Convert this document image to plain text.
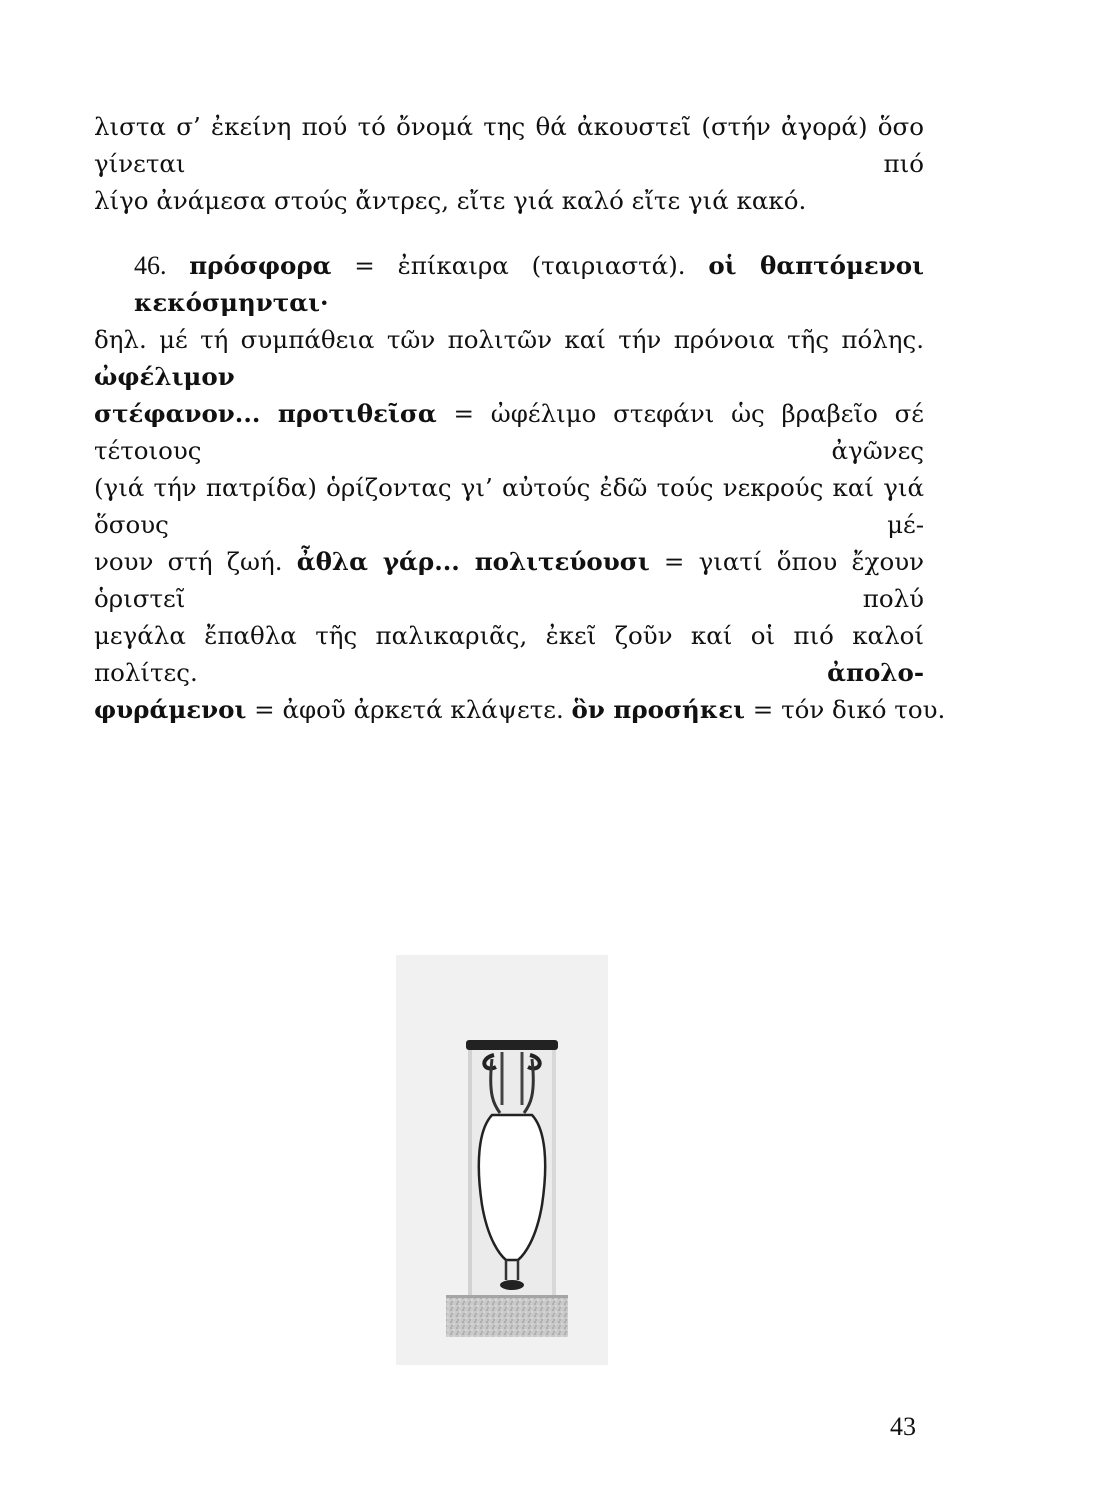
λιστα σ’ ἐκείνη πού τό ὄνομά της θά ἀκουστεῖ (στήν ἀγορά) ὅσο γίνεται πιό
λίγο ἀνάμεσα στούς ἄντρες, εἴτε γιά καλό εἴτε γιά κακό.
46. πρόσφορα = ἐπίκαιρα (ταιριαστά). οἱ θαπτόμενοι κεκόσμηνται·
δηλ. μέ τή συμπάθεια τῶν πολιτῶν καί τήν πρόνοια τῆς πόλης. ὠφέλιμον
στέφανον... προτιθεῖσα = ὠφέλιμο στεφάνι ὡς βραβεῖο σέ τέτοιους ἀγῶνες
(γιά τήν πατρίδα) ὁρίζοντας γι’ αὐτούς ἐδῶ τούς νεκρούς καί γιά ὅσους μέ-
νουν στή ζωή. ἆθλα γάρ... πολιτεύουσι = γιατί ὅπου ἔχουν ὁριστεῖ πολύ
μεγάλα ἔπαθλα τῆς παλικαριᾶς, ἐκεῖ ζοῦν καί οἱ πιό καλοί πολίτες. ἀπολο-
φυράμενοι = ἀφοῦ ἀρκετά κλάψετε. ὃν προσήκει = τόν δικό του.
43
